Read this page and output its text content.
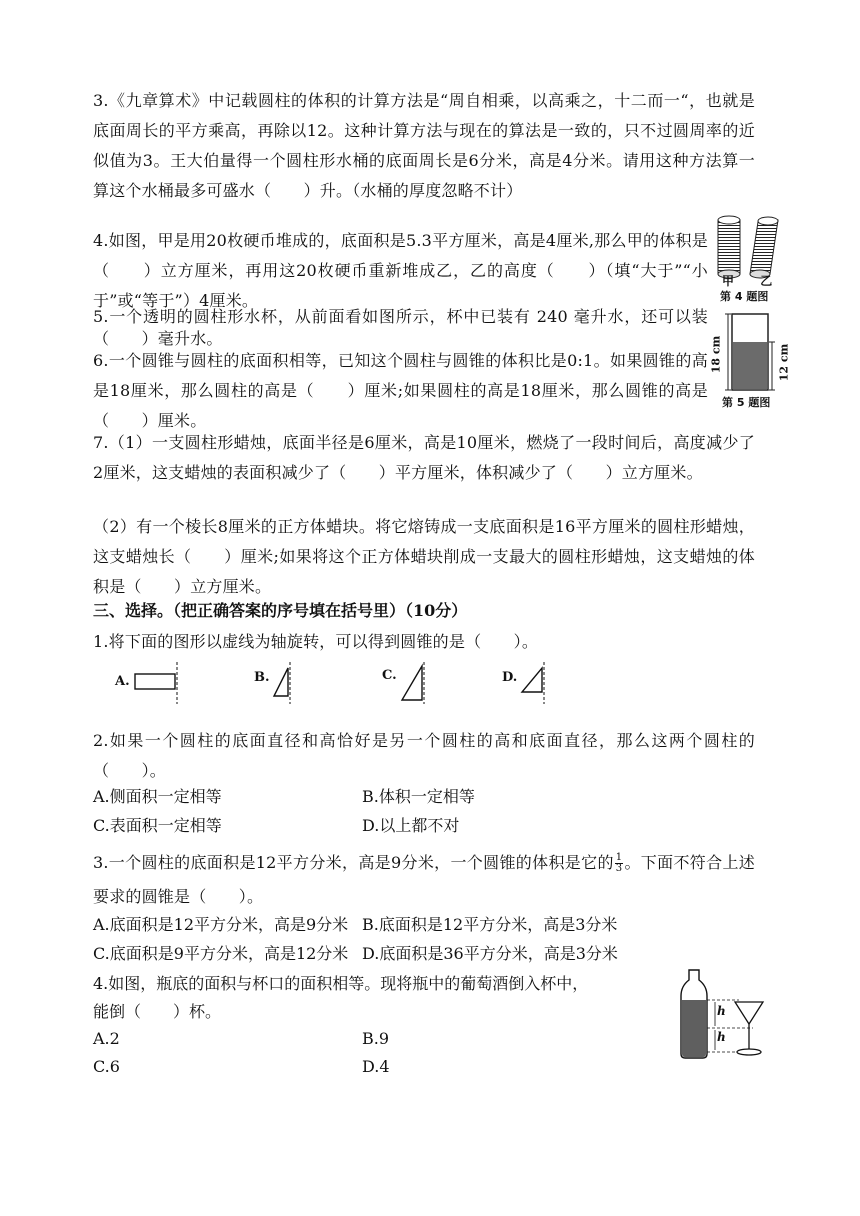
3.《九章算术》中记载圆柱的体积的计算方法是“周自相乘，以高乘之，十二而一“，也就是底面周长的平方乘高，再除以12。这种计算方法与现在的算法是一致的，只不过圆周率的近似值为3。王大伯量得一个圆柱形水桶的底面周长是6分米，高是4分米。请用这种方法算一算这个水桶最多可盛水（　　）升。（水桶的厚度忽略不计）
4.如图，甲是用20枚硬币堆成的，底面积是5.3平方厘米，高是4厘米,那么甲的体积是（　　）立方厘米，再用这20枚硬币重新堆成乙，乙的高度（　　）（填“大于”“小于”或“等于”）4厘米。
5.一个透明的圆柱形水杯，从前面看如图所示，杯中已装有 240 毫升水，还可以装（　　）毫升水。
6.一个圆锥与圆柱的底面积相等，已知这个圆柱与圆锥的体积比是0:1。如果圆锥的高是18厘米，那么圆柱的高是（　　）厘米;如果圆柱的高是18厘米，那么圆锥的高是（　　）厘米。
7.（1）一支圆柱形蜡烛，底面半径是6厘米，高是10厘米，燃烧了一段时间后，高度减少了2厘米，这支蜡烛的表面积减少了（　　）平方厘米，体积减少了（　　）立方厘米。
（2）有一个棱长8厘米的正方体蜡块。将它熔铸成一支底面积是16平方厘米的圆柱形蜡烛，这支蜡烛长（　　）厘米;如果将这个正方体蜡块削成一支最大的圆柱形蜡烛，这支蜡烛的体积是（　　）立方厘米。
甲 乙
第 4 题图
18 cm	12 cm
第 5 题图
三、选择。（把正确答案的序号填在括号里）（10分）
1.将下面的图形以虚线为轴旋转，可以得到圆锥的是（　　）。
A.	B.	C.	D.
2.如果一个圆柱的底面直径和高恰好是另一个圆柱的高和底面直径，那么这两个圆柱的（　　）。
A.侧面积一定相等	B.体积一定相等
C.表面积一定相等	D.以上都不对
3.一个圆柱的底面积是12平方分米，高是9分米，一个圆锥的体积是它的 $\frac{1}{3}$ 。下面不符合上述要求的圆锥是（　　）。
A.底面积是12平方分米，高是9分米 B.底面积是12平方分米，高是3分米
C.底面积是9平方分米，高是12分米 D.底面积是36平方分米，高是3分米
4.如图，瓶底的面积与杯口的面积相等。现将瓶中的葡萄酒倒入杯中，
能倒（　　）杯。
A.2	B.9
C.6	D.4
h
h
